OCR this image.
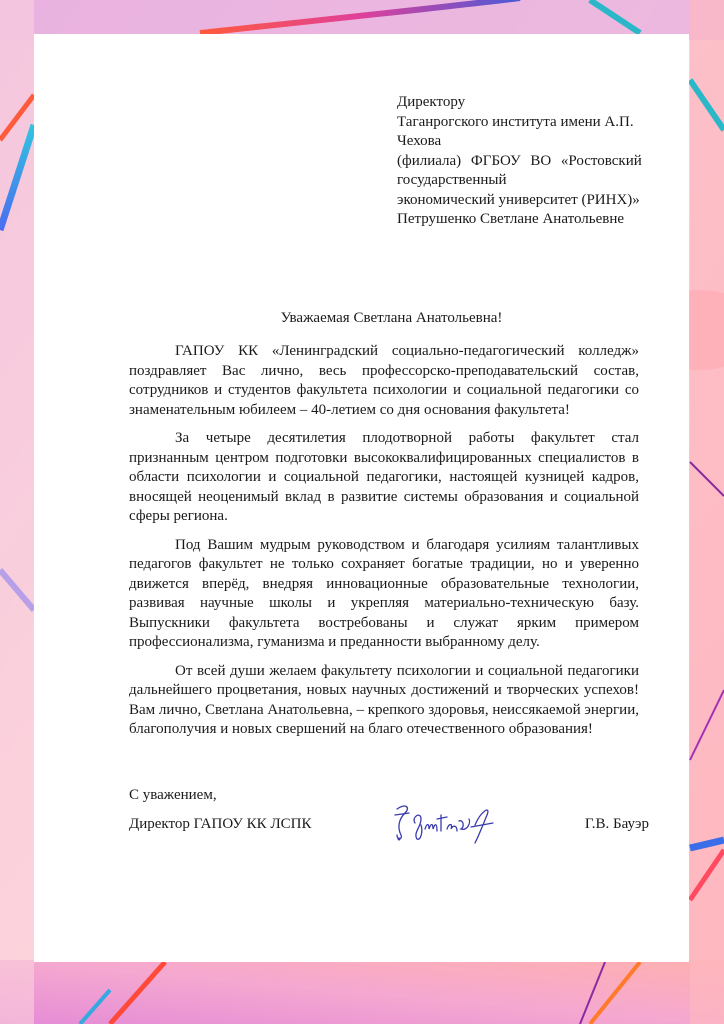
Директору
Таганрогского института имени А.П.
Чехова
(филиала) ФГБОУ ВО «Ростовский
государственный
экономический университет (РИНХ)»
Петрушенко Светлане Анатольевне
Уважаемая Светлана Анатольевна!

ГАПОУ КК «Ленинградский социально-педагогический колледж» поздравляет Вас лично, весь профессорско-преподавательский состав, сотрудников и студентов факультета психологии и социальной педагогики со знаменательным юбилеем – 40-летием со дня основания факультета!

За четыре десятилетия плодотворной работы факультет стал признанным центром подготовки высококвалифицированных специалистов в области психологии и социальной педагогики, настоящей кузницей кадров, вносящей неоценимый вклад в развитие системы образования и социальной сферы региона.

Под Вашим мудрым руководством и благодаря усилиям талантливых педагогов факультет не только сохраняет богатые традиции, но и уверенно движется вперёд, внедряя инновационные образовательные технологии, развивая научные школы и укрепляя материально-техническую базу. Выпускники факультета востребованы и служат ярким примером профессионализма, гуманизма и преданности выбранному делу.

От всей души желаем факультету психологии и социальной педагогики дальнейшего процветания, новых научных достижений и творческих успехов! Вам лично, Светлана Анатольевна, – крепкого здоровья, неиссякаемой энергии, благополучия и новых свершений на благо отечественного образования!

С уважением,
Директор ГАПОУ КК ЛСПК	Г.В. Бауэр
